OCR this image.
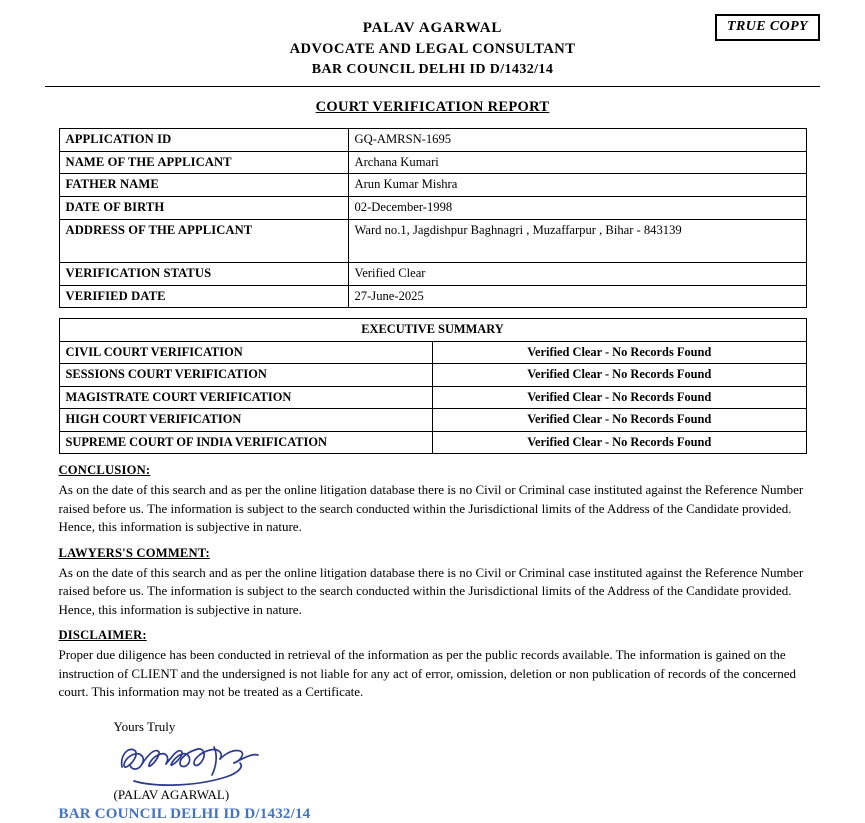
TRUE COPY
PALAV AGARWAL
ADVOCATE AND LEGAL CONSULTANT
BAR COUNCIL DELHI ID D/1432/14
COURT VERIFICATION REPORT
APPLICATION ID	GQ-AMRSN-1695
NAME OF THE APPLICANT	Archana Kumari
FATHER NAME	Arun Kumar Mishra
DATE OF BIRTH	02-December-1998
ADDRESS OF THE APPLICANT	Ward no.1, Jagdishpur Baghnagri , Muzaffarpur , Bihar - 843139
VERIFICATION STATUS	Verified Clear
VERIFIED DATE	27-June-2025
EXECUTIVE SUMMARY	
CIVIL COURT VERIFICATION	Verified Clear - No Records Found
SESSIONS COURT VERIFICATION	Verified Clear - No Records Found
MAGISTRATE COURT VERIFICATION	Verified Clear - No Records Found
HIGH COURT VERIFICATION	Verified Clear - No Records Found
SUPREME COURT OF INDIA VERIFICATION	Verified Clear - No Records Found
CONCLUSION:
As on the date of this search and as per the online litigation database there is no Civil or Criminal case instituted against the Reference Number raised before us. The information is subject to the search conducted within the Jurisdictional limits of the Address of the Candidate provided. Hence, this information is subjective in nature.
LAWYERS'S COMMENT:
As on the date of this search and as per the online litigation database there is no Civil or Criminal case instituted against the Reference Number raised before us. The information is subject to the search conducted within the Jurisdictional limits of the Address of the Candidate provided. Hence, this information is subjective in nature.
DISCLAIMER:
Proper due diligence has been conducted in retrieval of the information as per the public records available. The information is gained on the instruction of CLIENT and the undersigned is not liable for any act of error, omission, deletion or non publication of records of the concerned court. This information may not be treated as a Certificate.
Yours Truly
(PALAV AGARWAL)
BAR COUNCIL DELHI ID D/1432/14
